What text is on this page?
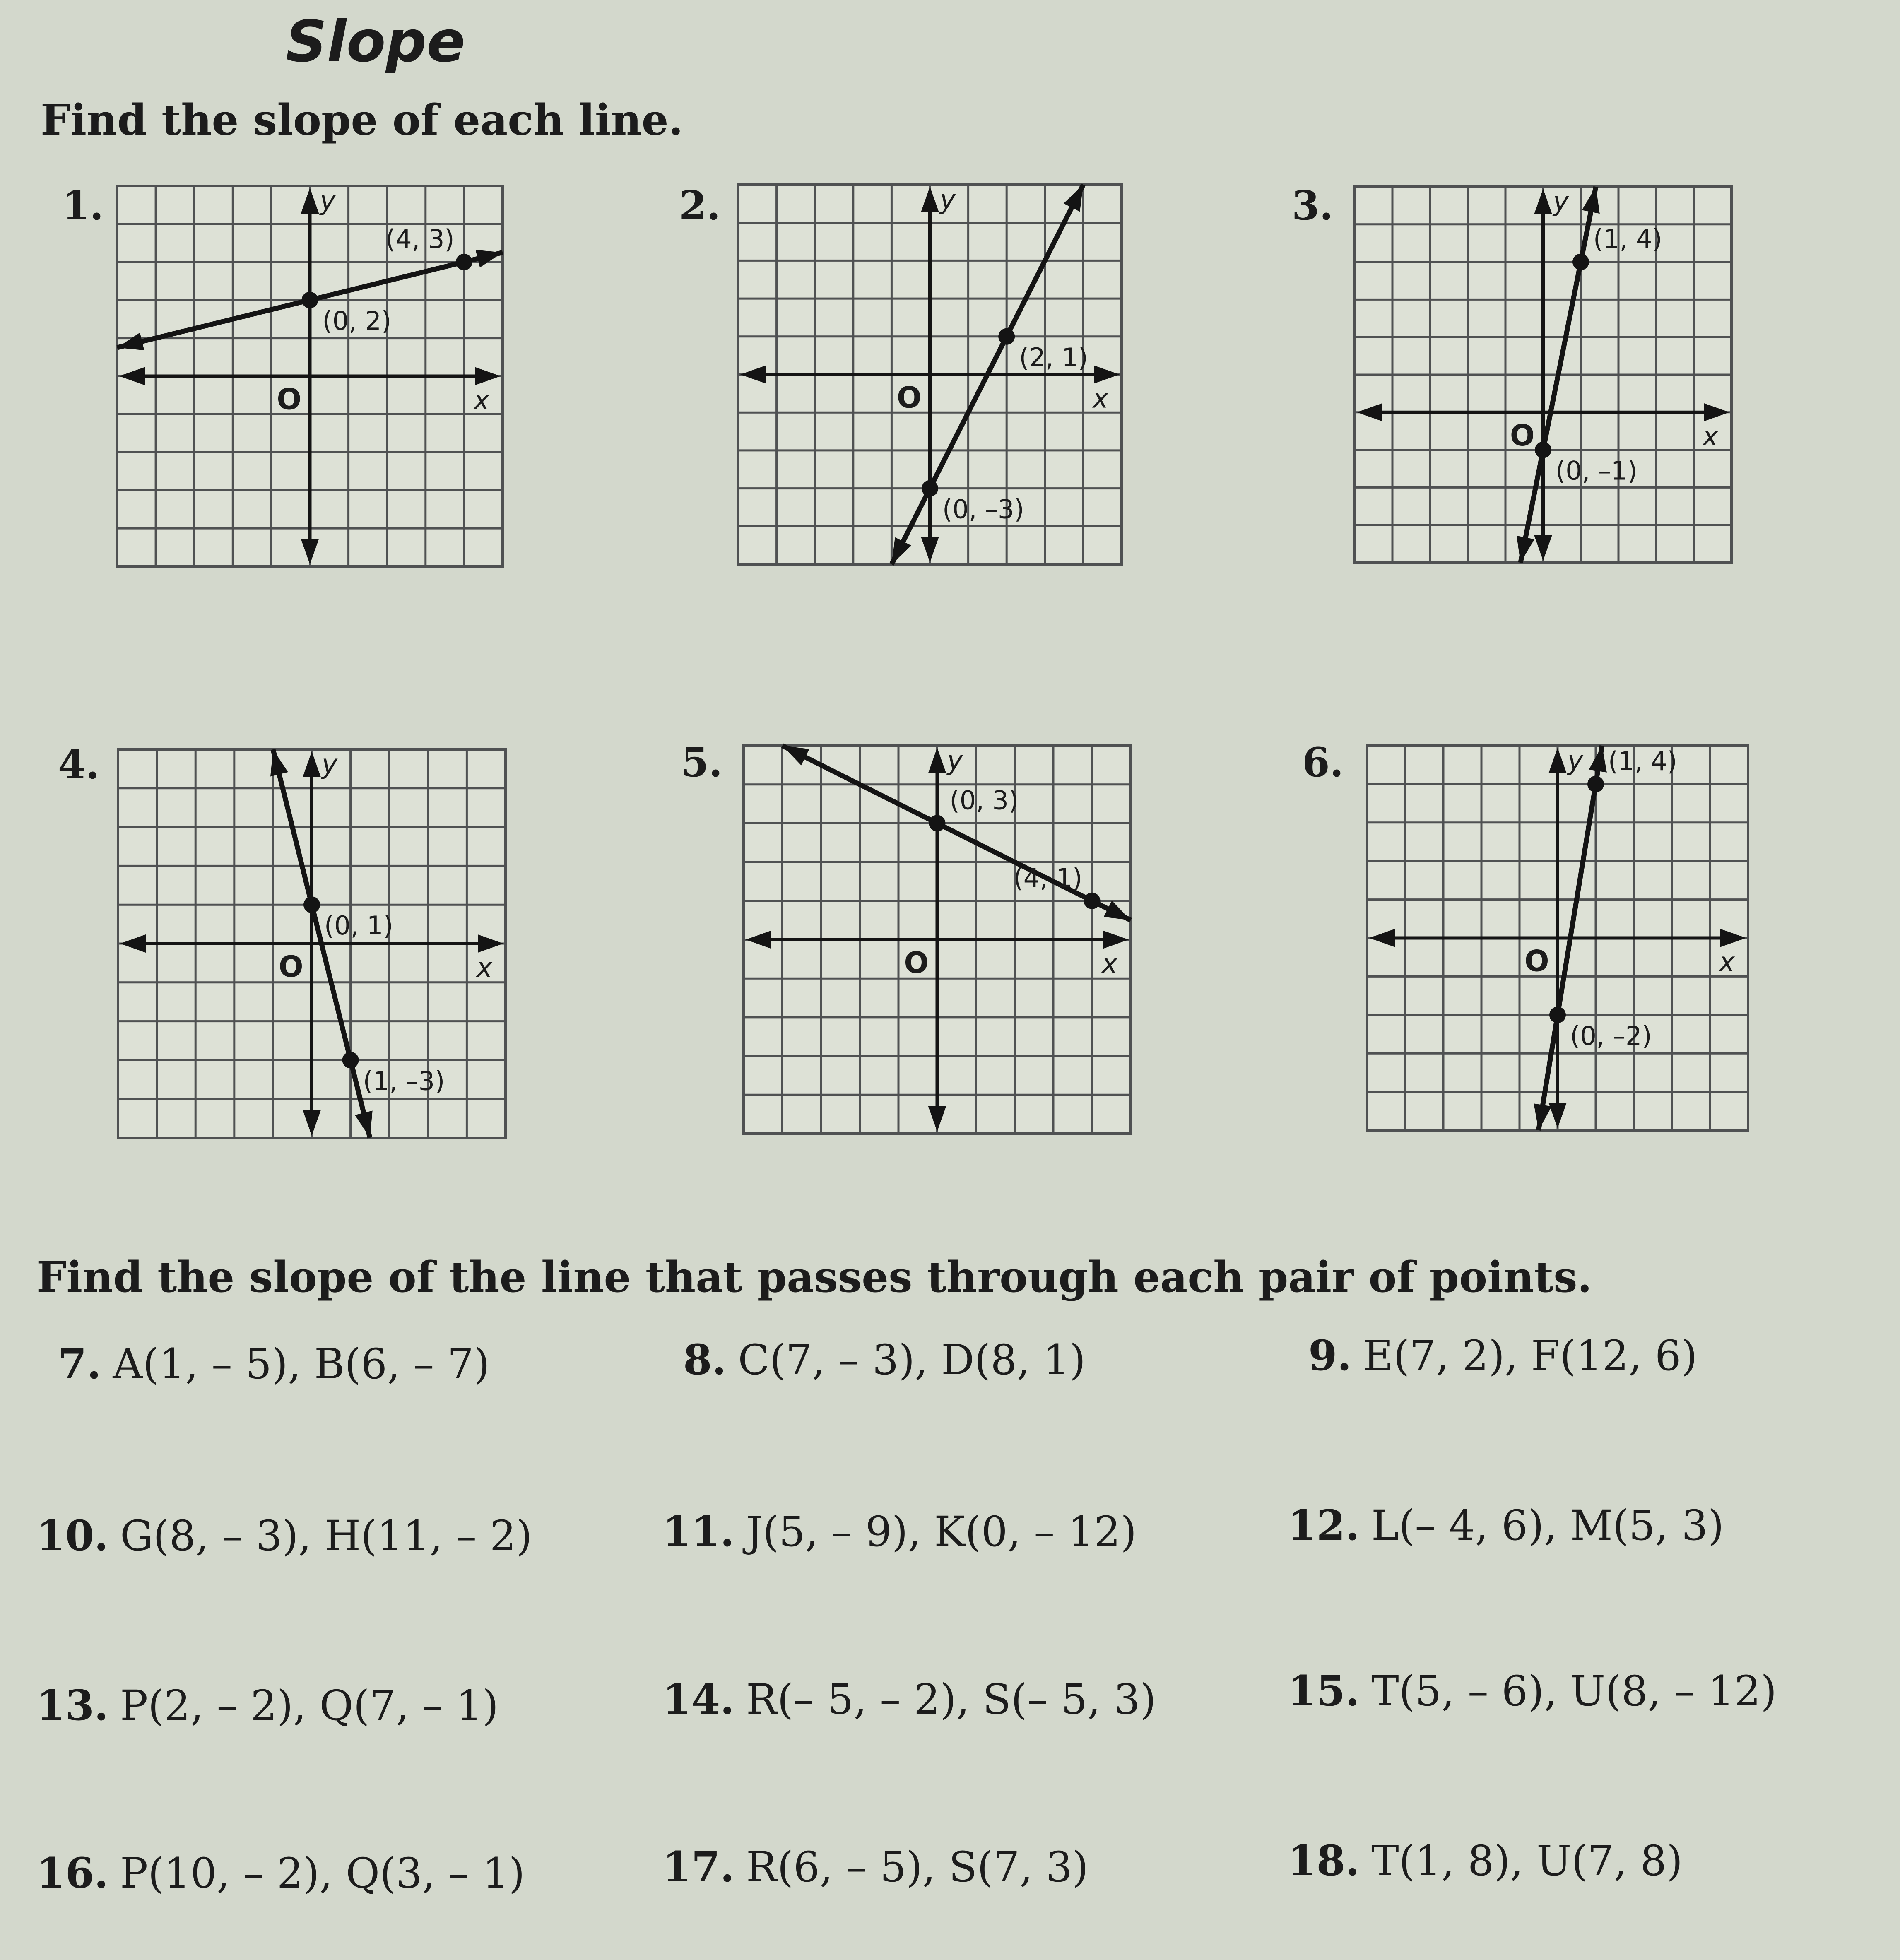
Slope

Find the slope of each line.

1.	2.	3.

4.	5.	6.

y
x
O
(0, 2)
(4, 3)
y
x
O
(0, –3)
(2, 1)
y
x
O
(1, 4)
(0, –1)
y
x
O
(0, 1)
(1, –3)
y
x
O
(0, 3)
(4, 1)
y
x
O
(1, 4)
(0, –2)

Find the slope of the line that passes through each pair of points.

7. A(1, – 5), B(6, – 7)	8. C(7, – 3), D(8, 1)	9. E(7, 2), F(12, 6)

10. G(8, – 3), H(11, – 2)	11. J(5, – 9), K(0, – 12)	12. L(– 4, 6), M(5, 3)

13. P(2, – 2), Q(7, – 1)	14. R(– 5, – 2), S(– 5, 3)	15. T(5, – 6), U(8, – 12)

16. P(10, – 2), Q(3, – 1)	17. R(6, – 5), S(7, 3)	18. T(1, 8), U(7, 8)
